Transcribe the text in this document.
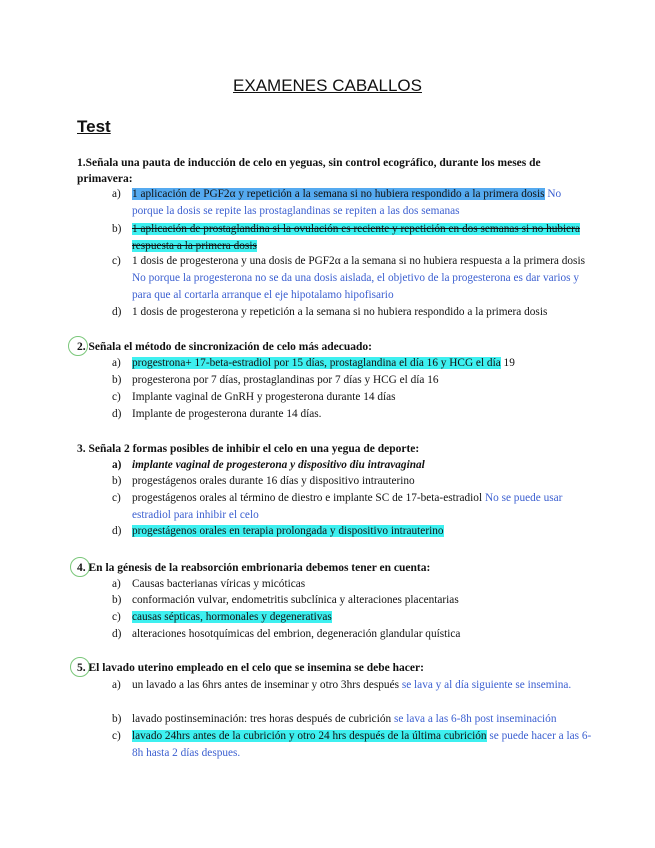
EXAMENES CABALLOS
Test
1.Señala una pauta de inducción de celo en yeguas, sin control ecográfico, durante los meses de primavera:
a) 1 aplicación de PGF2α y repetición a la semana si no hubiera respondido a la primera dosis No porque la dosis se repite las prostaglandinas se repiten a las dos semanas
b) 1 aplicación de prostaglandina si la ovulación es reciente y repetición en dos semanas si no hubiera respuesta a la primera dosis
c) 1 dosis de progesterona y una dosis de PGF2α a la semana si no hubiera respuesta a la primera dosis No porque la progesterona no se da una dosis aislada, el objetivo de la progesterona es dar varios y para que al cortarla arranque el eje hipotalamo hipofisario
d) 1 dosis de progesterona y repetición a la semana si no hubiera respondido a la primera dosis
2. Señala el método de sincronización de celo más adecuado:
a) progestrona+ 17-beta-estradiol por 15 días, prostaglandina el día 16 y HCG el día 19
b) progesterona por 7 días, prostaglandinas por 7 días y HCG el día 16
c) Implante vaginal de GnRH y progesterona durante 14 días
d) Implante de progesterona durante 14 días.
3. Señala 2 formas posibles de inhibir el celo en una yegua de deporte:
a) implante vaginal de progesterona y dispositivo diu intravaginal
b) progestágenos orales durante 16 días y dispositivo intrauterino
c) progestágenos orales al término de diestro e implante SC de 17-beta-estradiol No se puede usar estradiol para inhibir el celo
d) progestágenos orales en terapia prolongada y dispositivo intrauterino
4. En la génesis de la reabsorción embrionaria debemos tener en cuenta:
a) Causas bacterianas víricas y micóticas
b) conformación vulvar, endometritis subclínica y alteraciones placentarias
c) causas sépticas, hormonales y degenerativas
d) alteraciones hosotquímicas del embrion, degeneración glandular quística
5. El lavado uterino empleado en el celo que se insemina se debe hacer:
a) un lavado a las 6hrs antes de inseminar y otro 3hrs después se lava y al día siguiente se insemina.
b) lavado postinseminación: tres horas después de cubrición se lava a las 6-8h post inseminación
c) lavado 24hrs antes de la cubrición y otro 24 hrs después de la última cubrición se puede hacer a las 6-8h hasta 2 días despues.
